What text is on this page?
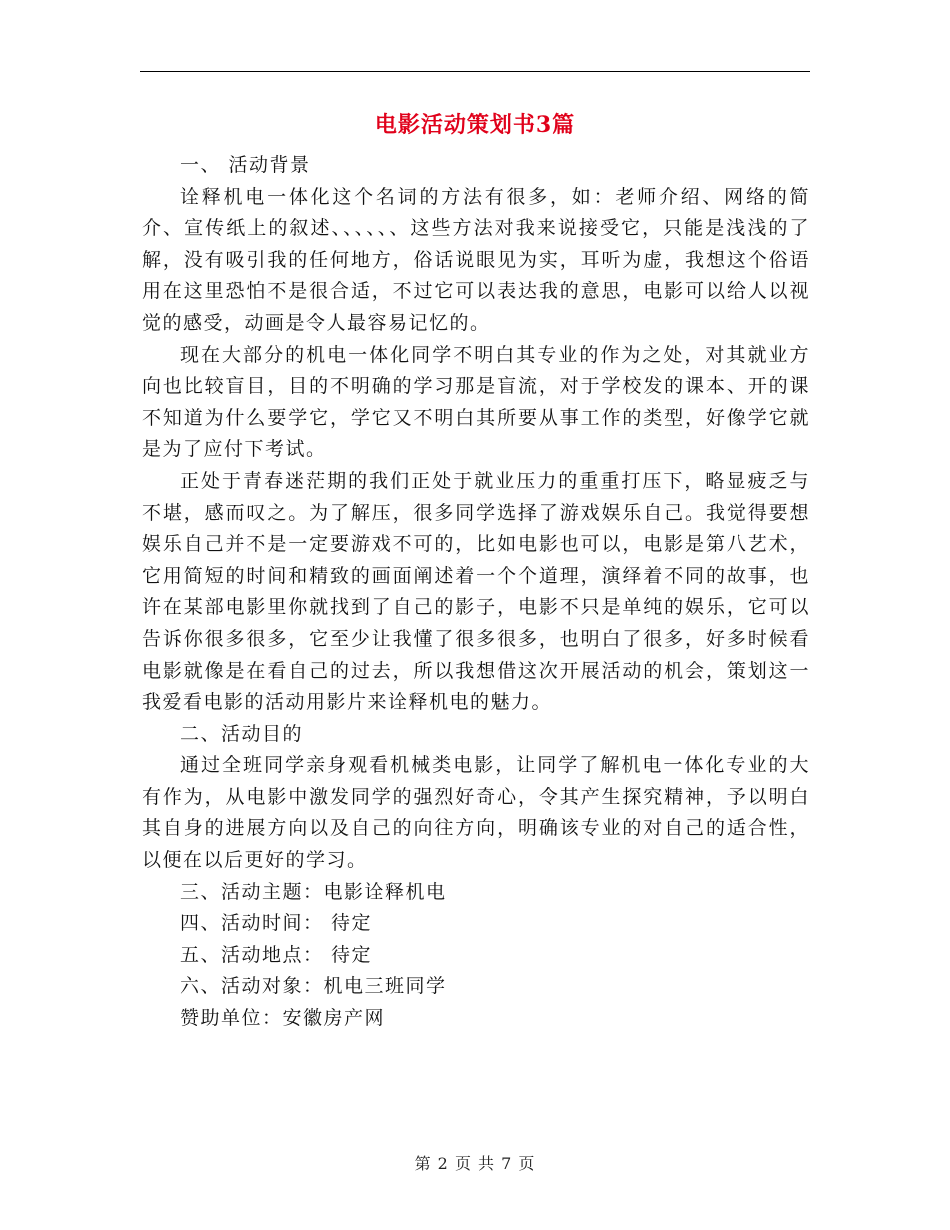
电影活动策划书3篇

一、 活动背景

诠释机电一体化这个名词的方法有很多，如：老师介绍、网络的简介、宣传纸上的叙述、、、、、、这些方法对我来说接受它，只能是浅浅的了解，没有吸引我的任何地方，俗话说眼见为实，耳听为虚，我想这个俗语用在这里恐怕不是很合适，不过它可以表达我的意思，电影可以给人以视觉的感受，动画是令人最容易记忆的。

现在大部分的机电一体化同学不明白其专业的作为之处，对其就业方向也比较盲目，目的不明确的学习那是盲流，对于学校发的课本、开的课不知道为什么要学它，学它又不明白其所要从事工作的类型，好像学它就是为了应付下考试。

正处于青春迷茫期的我们正处于就业压力的重重打压下，略显疲乏与不堪，感而叹之。为了解压，很多同学选择了游戏娱乐自己。我觉得要想娱乐自己并不是一定要游戏不可的，比如电影也可以，电影是第八艺术，它用简短的时间和精致的画面阐述着一个个道理，演绎着不同的故事，也许在某部电影里你就找到了自己的影子，电影不只是单纯的娱乐，它可以告诉你很多很多，它至少让我懂了很多很多，也明白了很多，好多时候看电影就像是在看自己的过去，所以我想借这次开展活动的机会，策划这一我爱看电影的活动用影片来诠释机电的魅力。

二、活动目的

通过全班同学亲身观看机械类电影，让同学了解机电一体化专业的大有作为，从电影中激发同学的强烈好奇心，令其产生探究精神，予以明白其自身的进展方向以及自己的向往方向，明确该专业的对自己的适合性，以便在以后更好的学习。

三、活动主题：电影诠释机电

四、活动时间： 待定

五、活动地点： 待定

六、活动对象：机电三班同学

赞助单位：安徽房产网

第 2 页 共 7 页
